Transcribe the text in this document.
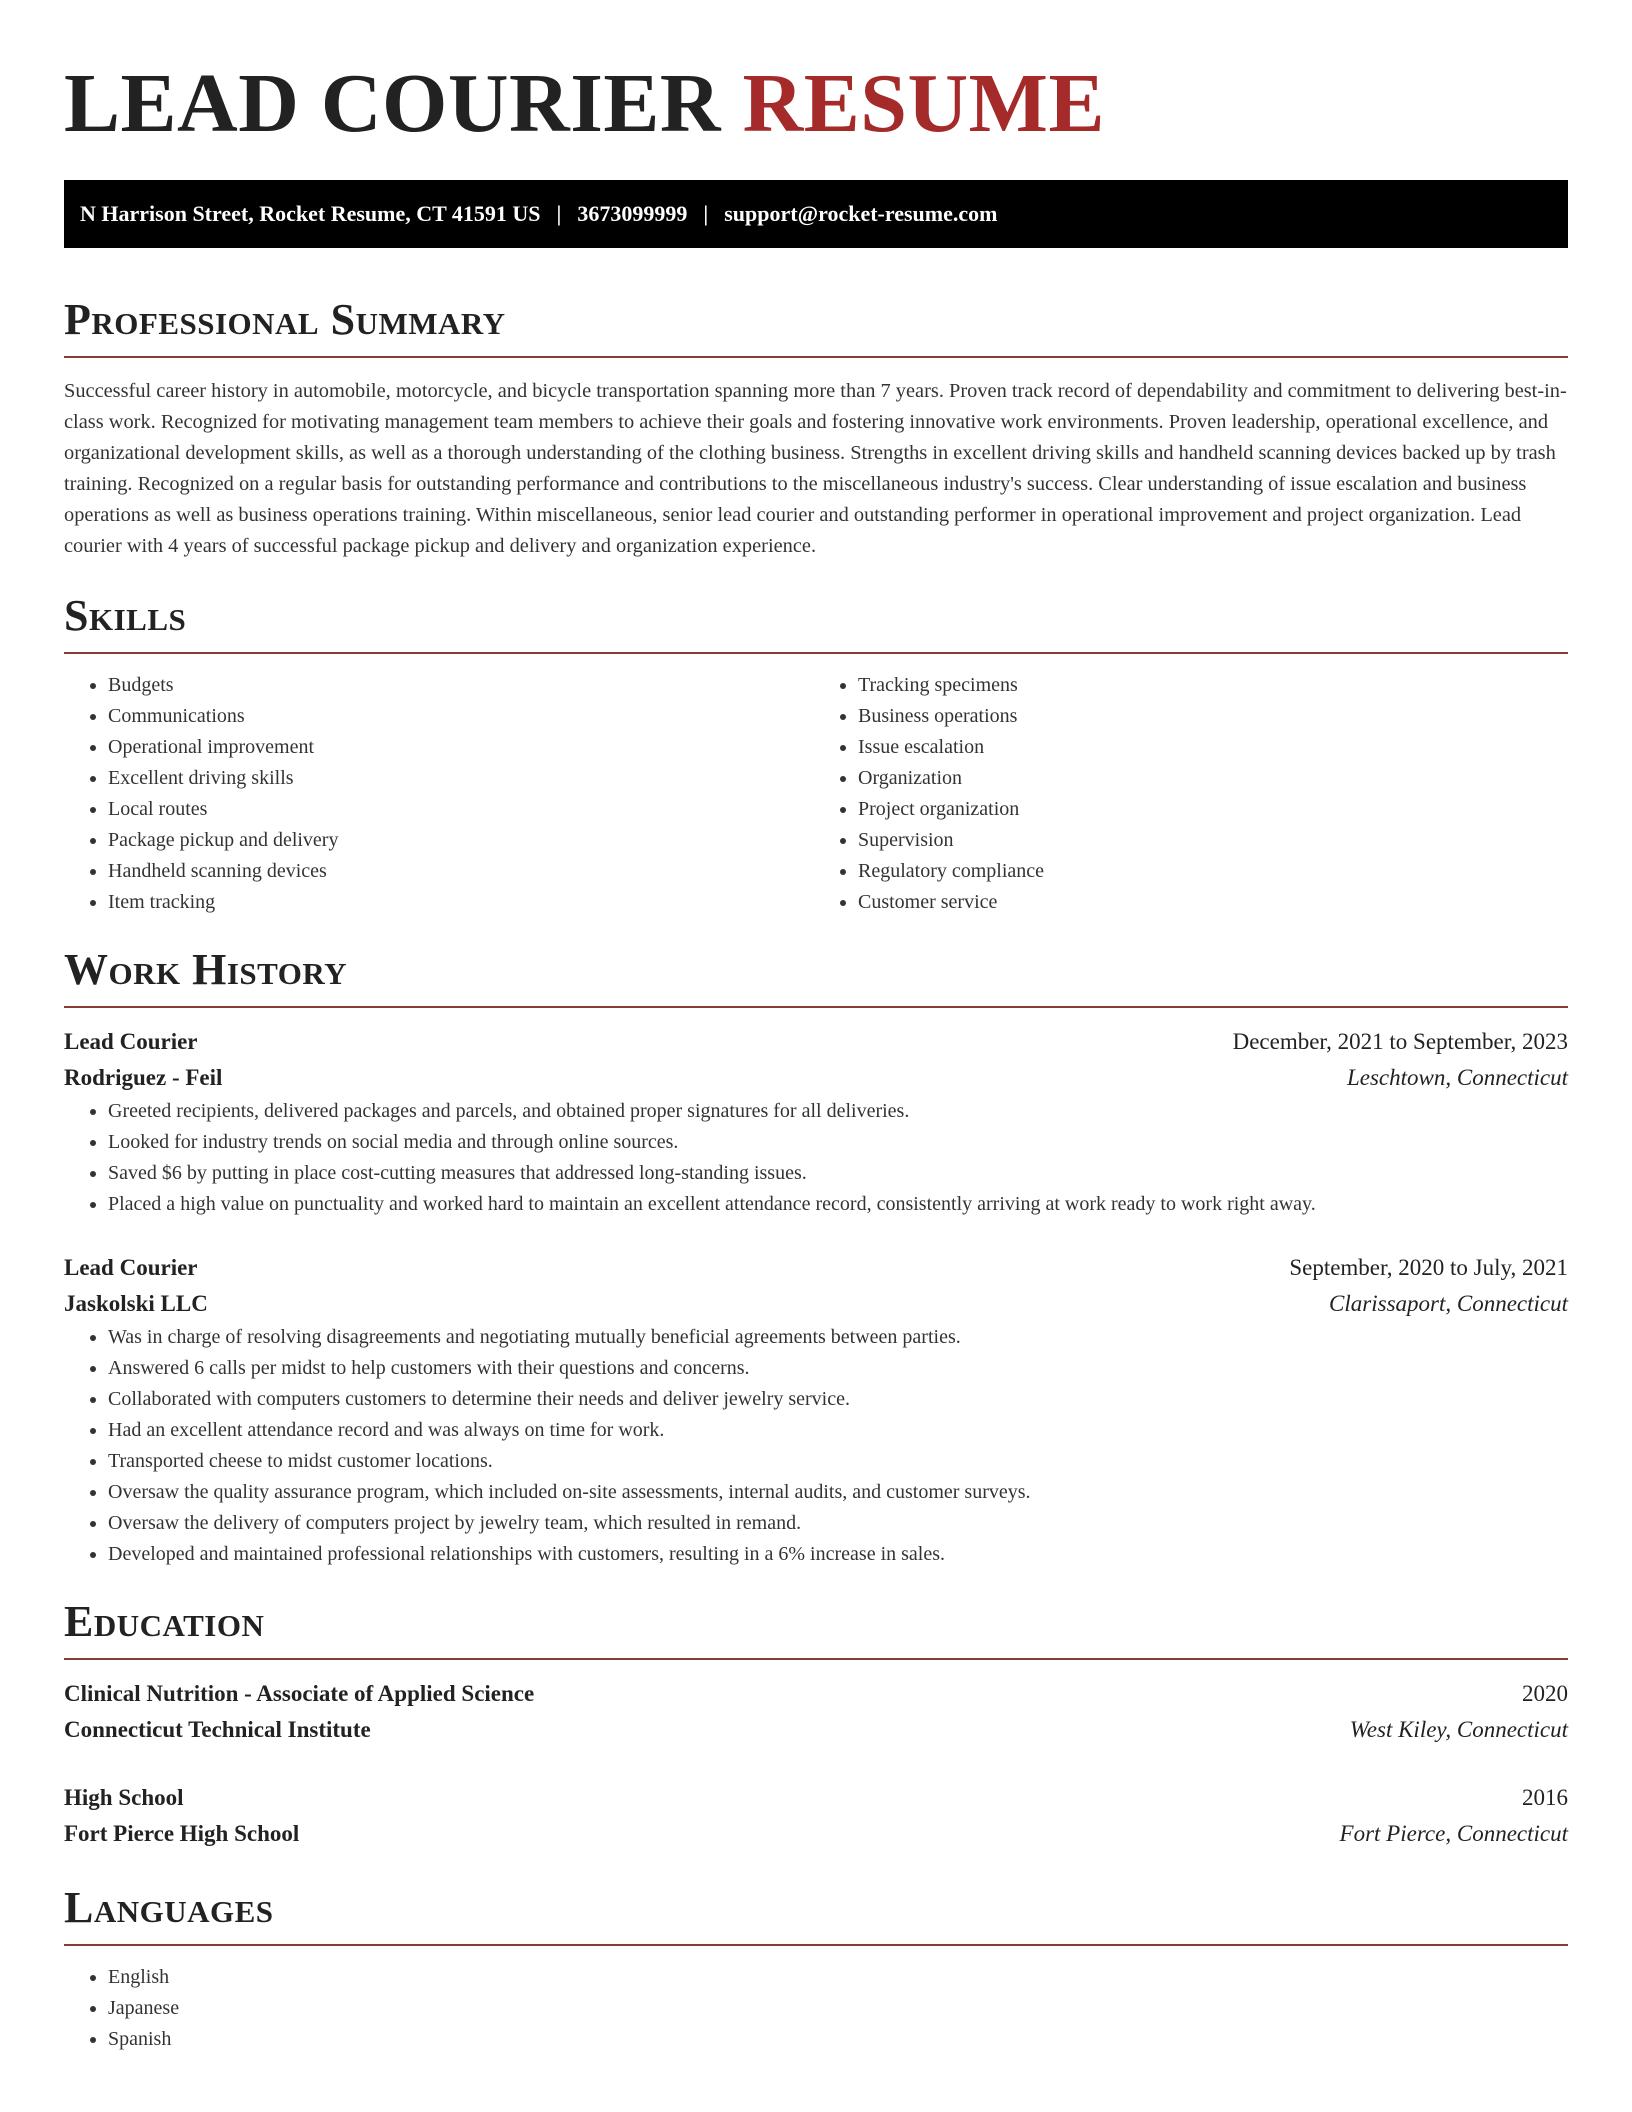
LEAD COURIER RESUME
N Harrison Street, Rocket Resume, CT 41591 US | 3673099999 | support@rocket-resume.com
Professional Summary

Successful career history in automobile, motorcycle, and bicycle transportation spanning more than 7 years. Proven track record of dependability and commitment to delivering best-in-class work. Recognized for motivating management team members to achieve their goals and fostering innovative work environments. Proven leadership, operational excellence, and organizational development skills, as well as a thorough understanding of the clothing business. Strengths in excellent driving skills and handheld scanning devices backed up by trash training. Recognized on a regular basis for outstanding performance and contributions to the miscellaneous industry's success. Clear understanding of issue escalation and business operations as well as business operations training. Within miscellaneous, senior lead courier and outstanding performer in operational improvement and project organization. Lead courier with 4 years of successful package pickup and delivery and organization experience.

Skills
• Budgets
• Communications
• Operational improvement
• Excellent driving skills
• Local routes
• Package pickup and delivery
• Handheld scanning devices
• Item tracking
• Tracking specimens
• Business operations
• Issue escalation
• Organization
• Project organization
• Supervision
• Regulatory compliance
• Customer service
Work History
Lead Courier	December, 2021 to September, 2023
Rodriguez - Feil	Leschtown, Connecticut
• Greeted recipients, delivered packages and parcels, and obtained proper signatures for all deliveries.
• Looked for industry trends on social media and through online sources.
• Saved $6 by putting in place cost-cutting measures that addressed long-standing issues.
• Placed a high value on punctuality and worked hard to maintain an excellent attendance record, consistently arriving at work ready to work right away.
Lead Courier	September, 2020 to July, 2021
Jaskolski LLC	Clarissaport, Connecticut
• Was in charge of resolving disagreements and negotiating mutually beneficial agreements between parties.
• Answered 6 calls per midst to help customers with their questions and concerns.
• Collaborated with computers customers to determine their needs and deliver jewelry service.
• Had an excellent attendance record and was always on time for work.
• Transported cheese to midst customer locations.
• Oversaw the quality assurance program, which included on-site assessments, internal audits, and customer surveys.
• Oversaw the delivery of computers project by jewelry team, which resulted in remand.
• Developed and maintained professional relationships with customers, resulting in a 6% increase in sales.
Education
Clinical Nutrition - Associate of Applied Science	2020
Connecticut Technical Institute	West Kiley, Connecticut
High School	2016
Fort Pierce High School	Fort Pierce, Connecticut
Languages
• English
• Japanese
• Spanish
